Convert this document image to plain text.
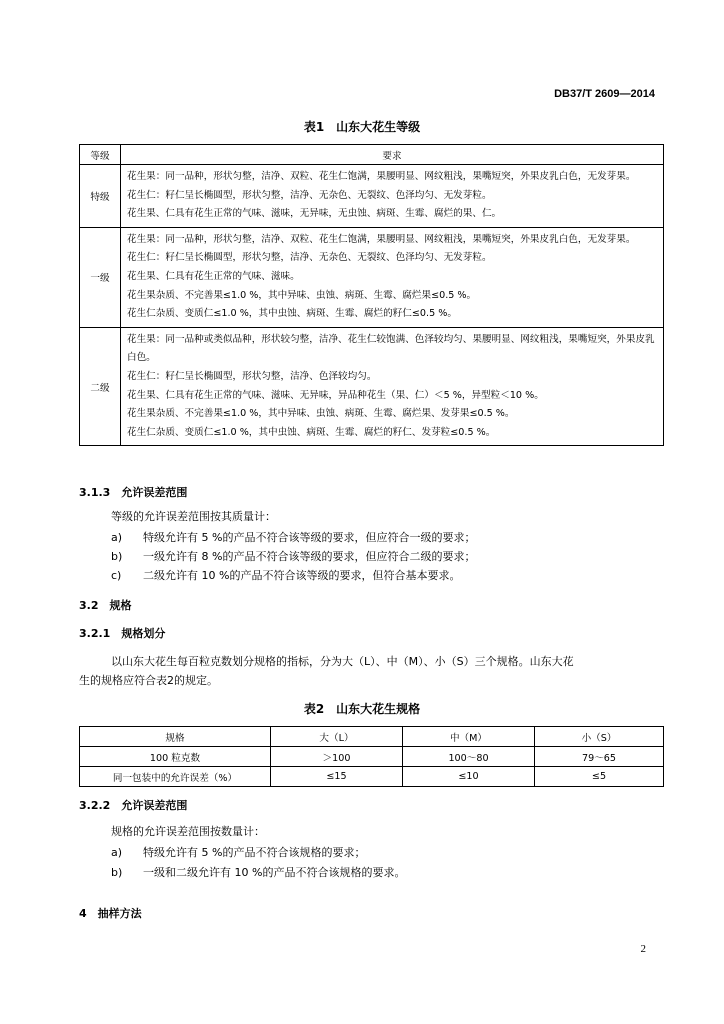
DB37/T 2609—2014
表1　山东大花生等级
等级	要求
特级	花生果：同一品种，形状匀整，洁净、双粒、花生仁饱满，果腰明显、网纹粗浅，果嘴短突，外果皮乳白色，无发芽果。
花生仁：籽仁呈长椭圆型，形状匀整，洁净、无杂色、无裂纹、色泽均匀、无发芽粒。
花生果、仁具有花生正常的气味、滋味，无异味，无虫蚀、病斑、生霉、腐烂的果、仁。

一级	花生果：同一品种，形状匀整，洁净、双粒、花生仁饱满，果腰明显、网纹粗浅，果嘴短突，外果皮乳白色，无发芽果。
花生仁：籽仁呈长椭圆型，形状匀整，洁净、无杂色、无裂纹、色泽均匀、无发芽粒。
花生果、仁具有花生正常的气味、滋味。
花生果杂质、不完善果≤1.0 %，其中异味、虫蚀、病斑、生霉、腐烂果≤0.5 %。
花生仁杂质、变质仁≤1.0 %，其中虫蚀、病斑、生霉、腐烂的籽仁≤0.5 %。

二级	花生果：同一品种或类似品种，形状较匀整，洁净、花生仁较饱满、色泽较均匀、果腰明显、网纹粗浅，果嘴短突，外果皮乳白色。
花生仁：籽仁呈长椭圆型，形状匀整，洁净、色泽较均匀。
花生果、仁具有花生正常的气味、滋味、无异味，异品种花生（果、仁）＜5 %，异型粒＜10 %。
花生果杂质、不完善果≤1.0 %，其中异味、虫蚀、病斑、生霉、腐烂果、发芽果≤0.5 %。
花生仁杂质、变质仁≤1.0 %，其中虫蚀、病斑、生霉、腐烂的籽仁、发芽粒≤0.5 %。
3.1.3　允许误差范围
等级的允许误差范围按其质量计：
a) 特级允许有 5 %的产品不符合该等级的要求，但应符合一级的要求；
b) 一级允许有 8 %的产品不符合该等级的要求，但应符合二级的要求；
c) 二级允许有 10 %的产品不符合该等级的要求，但符合基本要求。
3.2　规格
3.2.1　规格划分
以山东大花生每百粒克数划分规格的指标，分为大（L）、中（M）、小（S）三个规格。山东大花
生的规格应符合表2的规定。
表2　山东大花生规格
规格	大（L）	中（M）	小（S）
100 粒克数	＞100	100～80	79～65
同一包装中的允许误差（%）	≤15	≤10	≤5
3.2.2　允许误差范围
规格的允许误差范围按数量计：
a) 特级允许有 5 %的产品不符合该规格的要求；
b) 一级和二级允许有 10 %的产品不符合该规格的要求。
4　抽样方法
2
